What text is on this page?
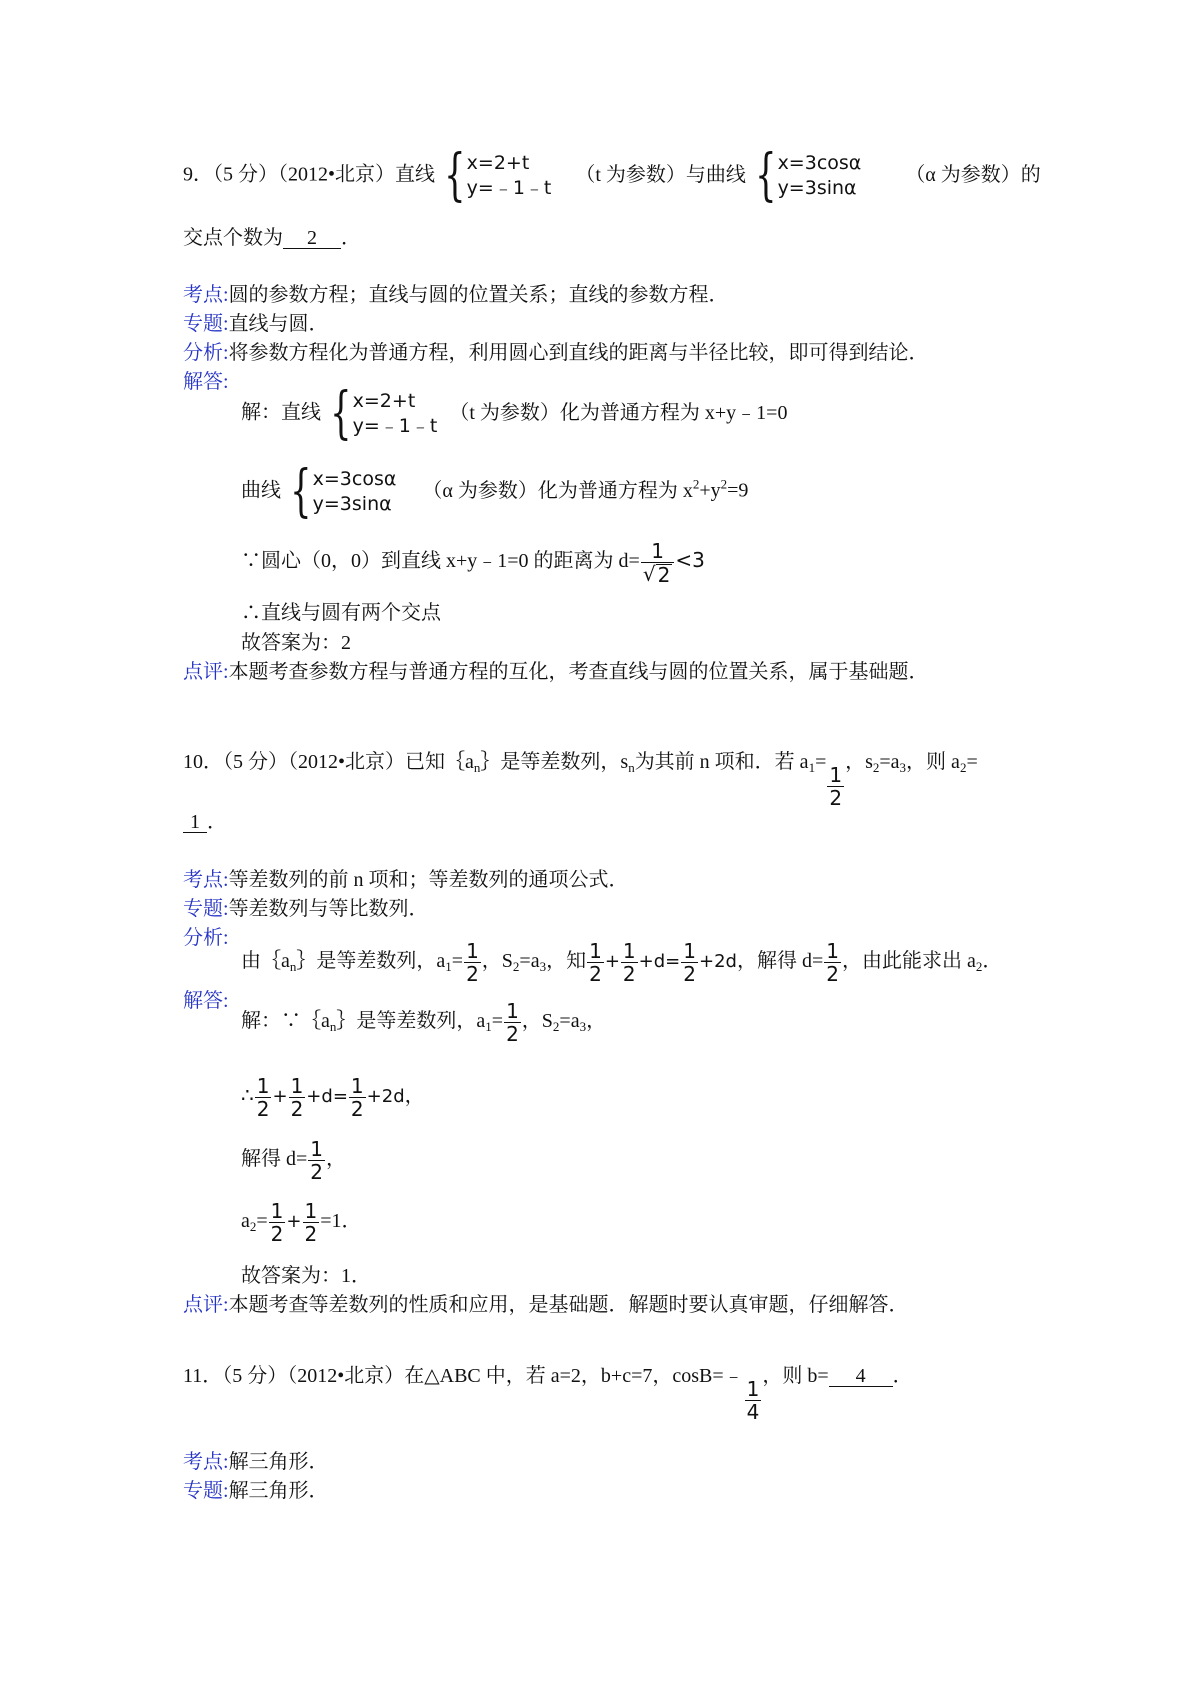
9．（5 分）（2012•北京）直线 { x=2+t
y=﹣1﹣t
（t 为参数）与曲线 { x=3cosα
y=3sinα
（α 为参数）的
交点个数为 2 ．
考点:圆的参数方程；直线与圆的位置关系；直线的参数方程．
专题:直线与圆．
分析:将参数方程化为普通方程，利用圆心到直线的距离与半径比较，即可得到结论．
解答:
解：直线 { x=2+t
y=﹣1﹣t
（t 为参数）化为普通方程为 x+y﹣1=0
曲线 { x=3cosα
y=3sinα
（α 为参数）化为普通方程为 $x^2+y^2=9$
∵圆心（0，0）到直线 x+y﹣1=0 的距离为 $d= \frac{1}{√ 2} <3$
∴直线与圆有两个交点
故答案为：2
点评:本题考查参数方程与普通方程的互化，考查直线与圆的位置关系，属于基础题．
10．（5 分）（2012•北京）已知$\{a_n\}$是等差数列，$s_n$为其前 n 项和．若 $a_1=$
$\frac{1}{2}$
，$s_2=a_3$，则 $a_2=$
1 ．
考点:等差数列的前 n 项和；等差数列的通项公式．
专题:等差数列与等比数列．
分析:
由$\{a_n\}$是等差数列，$a_1= \frac{1}{2}$ ，$S_2=a_3$，知 $\frac{1}{2} + \frac{1}{2} +d= \frac{1}{2} +2d$，解得 $d= \frac{1}{2}$ ，由此能求出 $a_2$．
解答:
解：$\because\{a_n\}$是等差数列，$a_1= \frac{1}{2}$ ，$S_2=a_3$，
∴ $\frac{1}{2} + \frac{1}{2} +d= \frac{1}{2} +2d$，
解得 $d= \frac{1}{2}$ ，
$a_2= \frac{1}{2} + \frac{1}{2} =1$．
故答案为：1．
点评:本题考查等差数列的性质和应用，是基础题．解题时要认真审题，仔细解答．
11．（5 分）（2012•北京）在△ABC 中，若 a=2，b+c=7，cosB=﹣
$\frac{1}{4}$
，则 b= 4 ．
考点:解三角形．
专题:解三角形．
